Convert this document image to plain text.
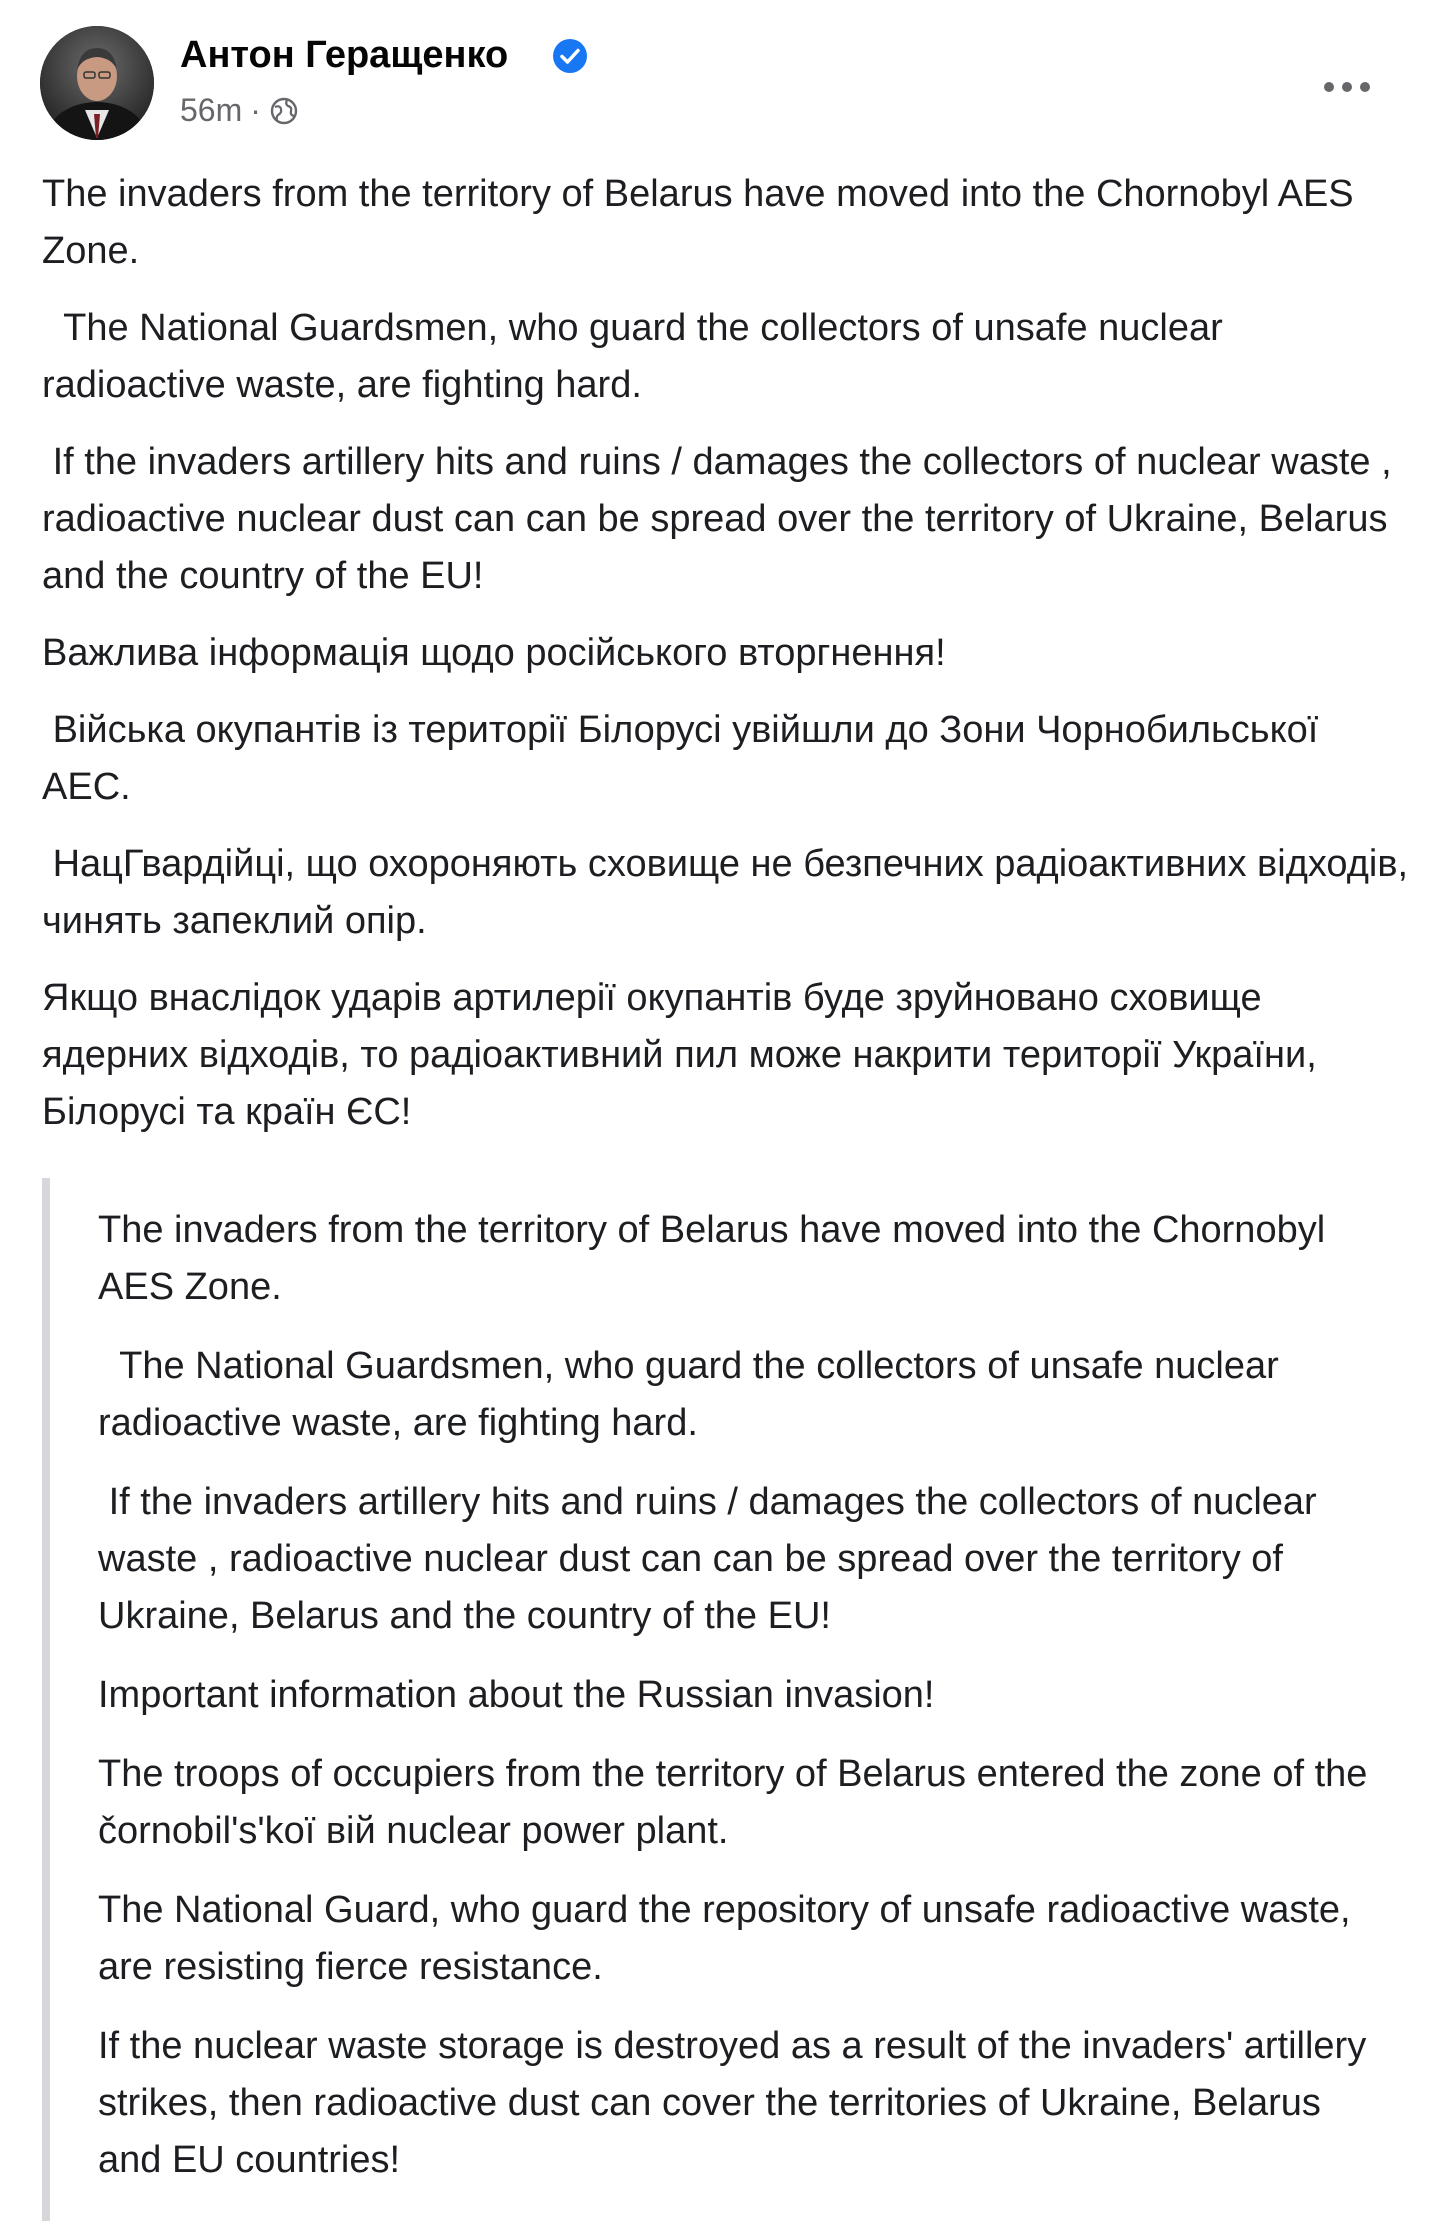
Антон Геращенко
56m ·

The invaders from the territory of Belarus have moved into the Chornobyl AES Zone.

The National Guardsmen, who guard the collectors of unsafe nuclear radioactive waste, are fighting hard.

If the invaders artillery hits and ruins / damages the collectors of nuclear waste , radioactive nuclear dust can can be spread over the territory of Ukraine, Belarus and the country of the EU!

Важлива інформація щодо російського вторгнення!

Війська окупантів із території Білорусі увійшли до Зони Чорнобильської АЕС.

НацГвардійці, що охороняють сховище не безпечних радіоактивних відходів, чинять запеклий опір.

Якщо внаслідок ударів артилерії окупантів буде зруйновано сховище ядерних відходів, то радіоактивний пил може накрити території України, Білорусі та країн ЄС!

The invaders from the territory of Belarus have moved into the Chornobyl AES Zone.

The National Guardsmen, who guard the collectors of unsafe nuclear  radioactive waste, are fighting hard.

If the invaders artillery hits and ruins / damages the collectors of nuclear waste , radioactive nuclear dust can can be spread over the territory of Ukraine, Belarus and the country of the EU!

Important information about the Russian invasion!

The troops of occupiers from the territory of Belarus entered the zone of the čornobil's'koï вій nuclear power plant.

The National Guard, who guard the repository of unsafe radioactive waste, are resisting fierce resistance.

If the nuclear waste storage is destroyed as a result of the invaders' artillery strikes, then radioactive dust can cover the territories of Ukraine, Belarus and EU countries!
